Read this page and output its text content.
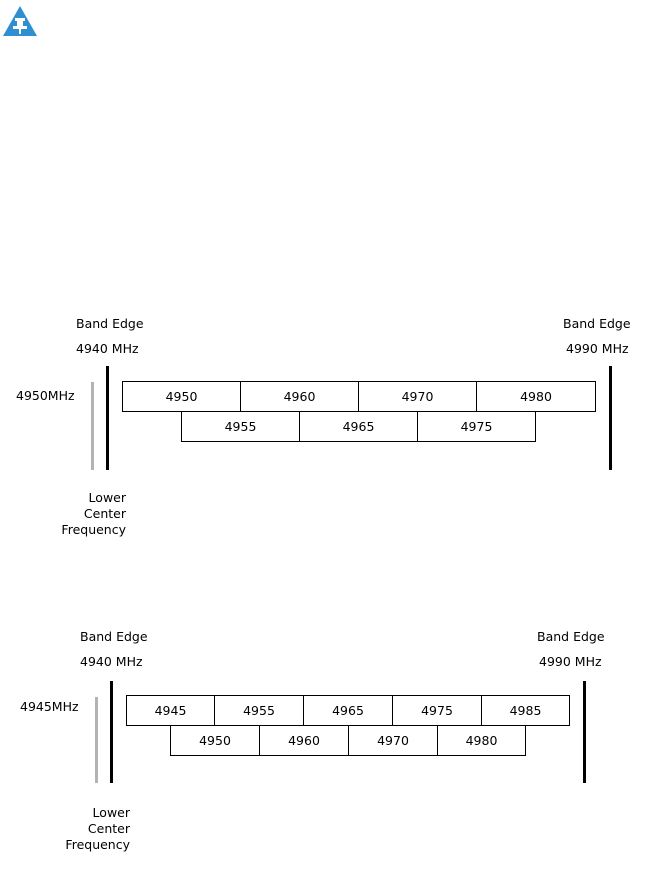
Band Edge
4940 MHz
Band Edge
4990 MHz
4950MHz	4950	4960	4970	4980
4955	4965	4975
Lower
Center
Frequency
Band Edge
4940 MHz
Band Edge
4990 MHz
4945MHz	4945	4955	4965	4975	4985
4950	4960	4970	4980
Lower
Center
Frequency
